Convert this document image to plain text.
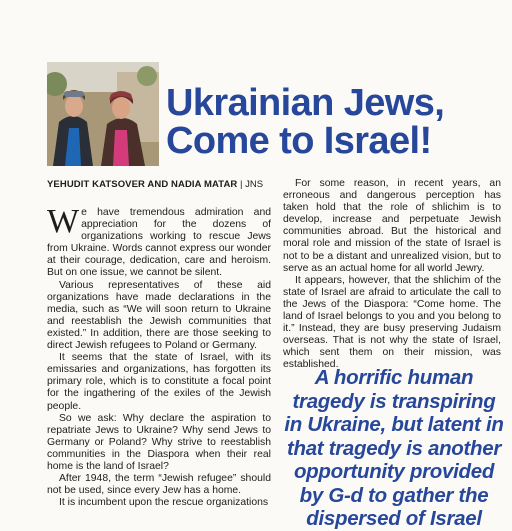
Ukrainian Jews,
Come to Israel!
YEHUDIT KATSOVER AND NADIA MATAR | JNS

We have tremendous admiration and appreciation for the dozens of organizations working to rescue Jews from Ukraine. Words cannot express our wonder at their courage, dedication, care and heroism. But on one issue, we cannot be silent.

Various representatives of these aid organizations have made declarations in the media, such as “We will soon return to Ukraine and reestablish the Jewish communities that existed.” In addition, there are those seeking to direct Jewish refugees to Poland or Germany.

It seems that the state of Israel, with its emissaries and organizations, has forgotten its primary role, which is to constitute a focal point for the ingathering of the exiles of the Jewish people.

So we ask: Why declare the aspiration to repatriate Jews to Ukraine? Why send Jews to Germany or Poland? Why strive to reestablish communities in the Diaspora when their real home is the land of Israel?

After 1948, the term “Jewish refugee” should not be used, since every Jew has a home.

It is incumbent upon the rescue organizations

For some reason, in recent years, an erroneous and dangerous perception has taken hold that the role of shlichim is to develop, increase and perpetuate Jewish communities abroad. But the historical and moral role and mission of the state of Israel is not to be a distant and unrealized vision, but to serve as an actual home for all world Jewry.

It appears, however, that the shlichim of the state of Israel are afraid to articulate the call to the Jews of the Diaspora: “Come home. The land of Israel belongs to you and you belong to it.” Instead, they are busy preserving Judaism overseas. That is not why the state of Israel, which sent them on their mission, was established.

A horrific human tragedy is transpiring in Ukraine, but latent in that tragedy is another opportunity provided by G-d to gather the dispersed of Israel
